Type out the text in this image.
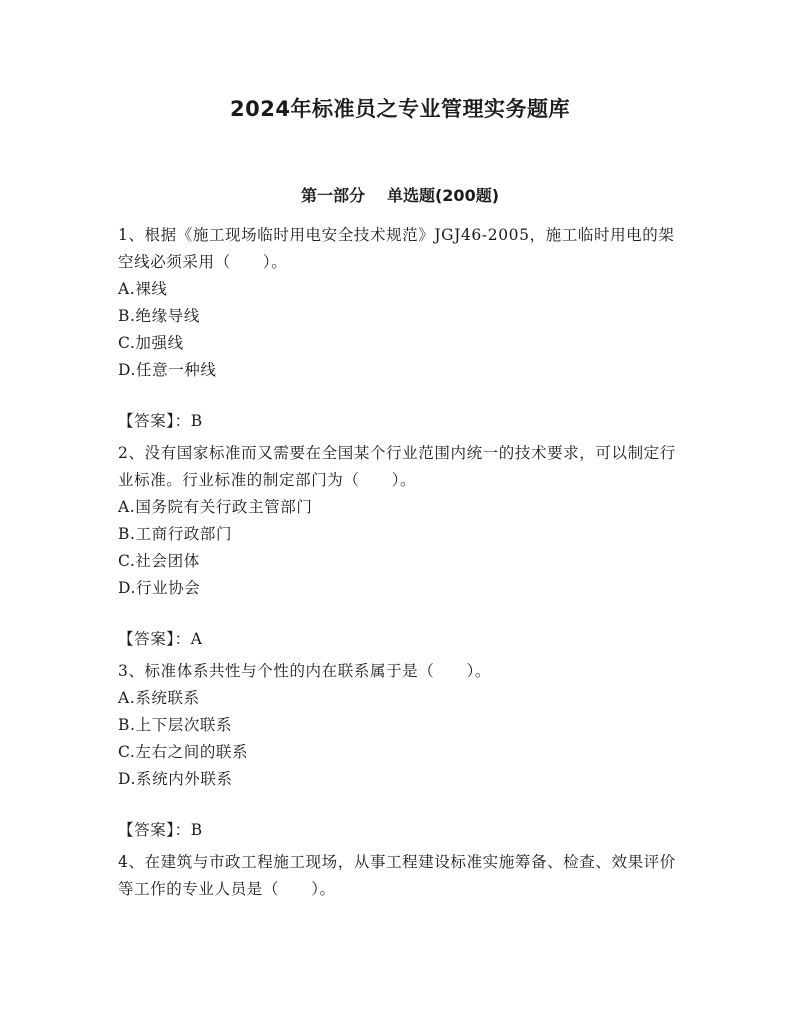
2024年标准员之专业管理实务题库
第一部分 单选题(200题)

1、根据《施工现场临时用电安全技术规范》JGJ46-2005，施工临时用电的架空线必须采用（　　）。

A.裸线

B.绝缘导线

C.加强线

D.任意一种线

【答案】：B

2、没有国家标准而又需要在全国某个行业范围内统一的技术要求，可以制定行业标准。行业标准的制定部门为（　　）。

A.国务院有关行政主管部门

B.工商行政部门

C.社会团体

D.行业协会

【答案】：A

3、标准体系共性与个性的内在联系属于是（　　）。

A.系统联系

B.上下层次联系

C.左右之间的联系

D.系统内外联系

【答案】：B

4、在建筑与市政工程施工现场，从事工程建设标准实施筹备、检查、效果评价等工作的专业人员是（　　）。
